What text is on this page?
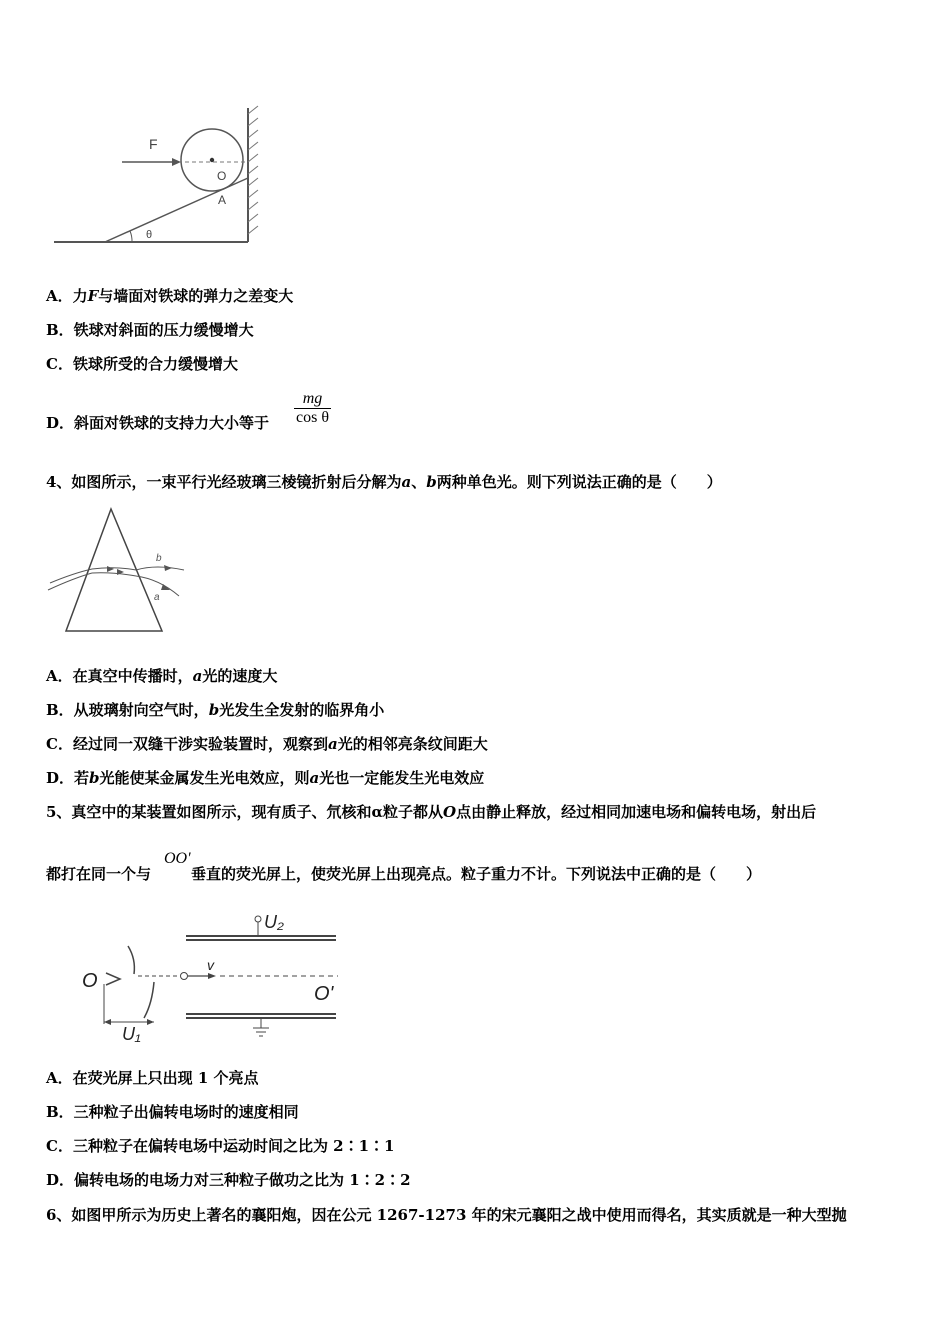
F
O
A
θ
A．力F与墙面对铁球的弹力之差变大
B．铁球对斜面的压力缓慢增大
C．铁球所受的合力缓慢增大
D．斜面对铁球的支持力大小等于
mg
cos θ
4、如图所示，一束平行光经玻璃三棱镜折射后分解为a、b两种单色光。则下列说法正确的是（　　）
b
a
A．在真空中传播时，a光的速度大
B．从玻璃射向空气时，b光发生全发射的临界角小
C．经过同一双缝干涉实验装置时，观察到a光的相邻亮条纹间距大
D．若b光能使某金属发生光电效应，则a光也一定能发生光电效应
5、真空中的某装置如图所示，现有质子、氘核和α粒子都从O点由静止释放，经过相同加速电场和偏转电场，射出后
都打在同一个与	垂直的荧光屏上，使荧光屏上出现亮点。粒子重力不计。下列说法中正确的是（　　）
OO'
U₂
O
v
O'
U₁
A．在荧光屏上只出现 1 个亮点
B．三种粒子出偏转电场时的速度相同
C．三种粒子在偏转电场中运动时间之比为 2∶1∶1
D．偏转电场的电场力对三种粒子做功之比为 1∶2∶2
6、如图甲所示为历史上著名的襄阳炮，因在公元 1267-1273 年的宋元襄阳之战中使用而得名，其实质就是一种大型抛
